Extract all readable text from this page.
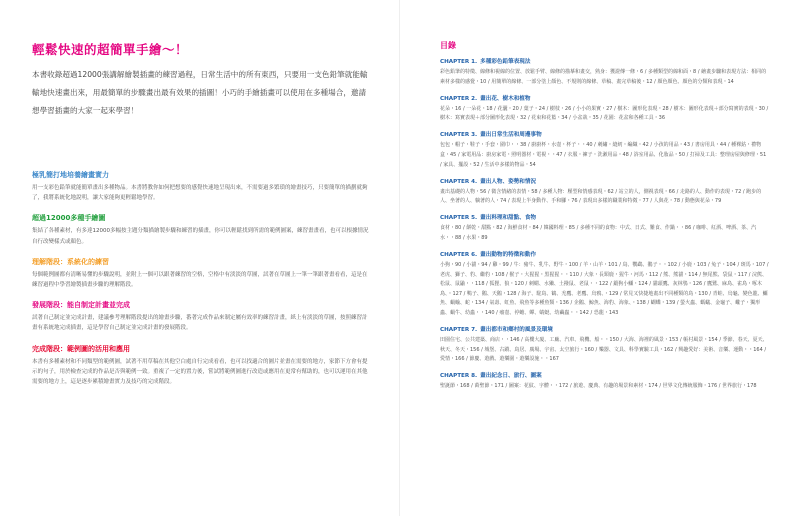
輕鬆快速的超簡單手繪～！

本書收錄超過12000張講解繪製插畫的練習過程，日常生活中的所有東西，只要用一支色鉛筆就能輸輸地快速畫出來，用最簡單的步驟畫出最有效果的插圖！小巧的手繪插畫可以使用在多種場合，邀請想學習插畫的大家一起來學習！

極乳簡打地培養繪畫實力

用一支彩色鉛筆就能簡單畫出多種物品。本書將教你如何把想要的感覺快速地呈現出來，不需要過多繁瑣的繪畫技巧，只要簡單的描劃就夠了，我將系統化地說明，讓大家能夠更輕鬆地學習。

超過12000多種手繪圖

集結了各種素材，有多達12000多幅按主題分類描繪製步驟和練習的插畫，你可以輕鬆找到所需的範例圖案，練習畫畫看，也可以根據情況自行改變樣式或顏色。

理解階段：系統化的練習

每個範例圖都有清晰易懂的步驟說明，並附上一個可以跟著練習的空格，空格中有淡淡的草圖，試著在草圖上一筆一筆跟著畫看看，這是在練習過程中學習繪製插畫步驟的理解階段。

發展階段：能自制定計畫並完成

試著自己制定並完成計畫，建議參考理解階段提出的繪畫步驟，番著完成作品來制定屬有效率的練習計畫，紙上有淡淡的草圖，按照練習計畫有系統地完成插畫，這是學習自己制定並完成計畫的發展階段。

完成階段：範例圖的活用和應用

本書有多種素材和不同類型的範例圖，試著不用草稿在其他空白處自行完成看看，也可以找適合的圖片並畫在需要的地方，家節下方會有提示的句子，用於檢查完成的作品是否與範例一致。重複了一定的置力後，嘗試將範例圖進行改造或應用在更常有幫助的，也可以運用在其他需要的地方上，這是逐步累積繪畫實力及技巧的完成階段。

目錄
CHAPTER 1. 多種彩色鉛筆表現法

彩色鉛筆的特徵、線條和視線的位置、放鬆手臂、線條的描摹和畫交，熟身：獲證傳一條・6 / 多種類型的線和面・8 / 繪畫步驟和表現方法：相同的素材多樣的感覺・10 / 用簡單的線條、一部分塗上顏色、不規則的線條、草稿、畫完草稿後・12 / 顏色顏色、顏色的分類和表現・14

CHAPTER 2. 畫出花、樹木和植物

花朵・16 / 一朵花・18 / 花囊・20 / 葉子・24 / 樹枝・26 / 小小的果實・27 / 樹木：圖形化表現・28 / 樹木：圖形化表現＋部分寫實的表現・30 / 樹木：寫實表現＋部分圖形化表現・32 / 花束和花籃・34 / 小盆栽・35 / 花園：花盆和各種工具・36

CHAPTER 3. 畫出日常生活和周邊事物

包包・帽子・鞋子・手套・圍巾・・38 / 廚廚杯・水壺・杯子・・40 / 刺繡・縫紉・編織・42 / 小孩的用品・43 / 書房用具・44 / 種裸鉆・禮物盒・45 / 家電用品：廚房家電・照明器材・電視・・47 / 衣服・褲子・洗漱用品・48 / 浴室用品、化妝品・50 / 打掃及工具：整理房屋與修理・51 / 家具、擺設・52 / 生活中多樣的物品・54

CHAPTER 4. 畫出人物、姿勢和情況

畫出基礎的人物・56 / 微含情緒的表情・58 / 多種人物：壓型和情感表現・62 / 站立的人，側視表現・66 / 走路的人、動作的表現・72 / 跑步的人、坐著的人、躺著的人・74 / 表現上半身動作、手和腳・76 / 表現出多樣的職業和特徵・77 / 人與花・78 / 動態與花朵・79

CHAPTER 5. 畫出料理和甜點、食物

食材・80 / 餅乾・甜點・82 / 海鮮食材・84 / 韓國料理・85 / 多種不同的食物：中式、日式、難食、作鍋・・86 / 咖啡、紅酒、啤酒、茶、汽水・・88 / 水果・89

CHAPTER 6. 畫出動物的特徵和動作

小狗・90 / 小貓・94 / 雞・99 / 牛：豬牛、乳牛、野牛・100 / 羊・山羊・101 / 鳥、鸚鵡、鵝子・・102 / 小鹿・103 / 兔子・104 / 斑馬・107 / 老虎、獅子、豹、繼豹・108 / 猴子・大猩猩・黑猩猩・・110 / 大象・長頸鹿・猩牛・河馬・112 / 熊、熊貓・114 / 無尾熊、袋鼠・117 / 浣熊、松鼠、鼠鼬・・118 / 狐狸、狼・120 / 刺蝟、水獺、土撥鼠、老鼠・・122 / 鍛狗小鱷・124 / 貓頭鷹、灰林鴞・126 / 鷹鷲、麻鳥、雀鳥・啄木鳥、・127 / 鴨子、鵝、天鵝・128 / 海子、駝鳥、鶴、禿鷹、老鷹、烏鴉、・129 / 常見又快捷地畫出不同種類的鳥・130 / 青蛙、烏龜、變色龍、鱷魚、蝸蝓、蛇・134 / 氣壽、虹魚、飛魚等多種魚類・136 / 企鵝、鯨魚、海豹、海象、・138 / 蝴蝶・139 / 螢火蟲、螞蟻、金龜子、蠍子・獨形蟲、蝸牛、幼蟲・・140 / 瘤壺、停蟾、蟬、蜻蜓、幼繭蟲・・142 / 恐龍・143

CHAPTER 7. 畫出都市和鄉村的風景及環境

田園住宅、公共建築、商店・・146 / 高樓大廈、工廠、汽車、飛機、船・・150 / 大海、海裡的風景・153 / 帳村風景・154 / 季節、春天、夏天、秋天、冬天・156 / 城堡、古蹟、鳥居、廣場、宇宙、太空旅行・160 / 樂器、文具、科學實驗工具・162 / 興趣愛好：美術、音樂、運動・・164 / 愛情・166 / 節慶、遊戲、遊樂園・遊樂設施・・167

CHAPTER 8. 畫出紀念日、旅行、圖案

聖誕節・168 / 萬聖節・171 / 圖案：花紋、字體・・172 / 旅遊、慶典、有趣的場景和素材・174 / 世界文化傳統服飾・176 / 世界旅行・178
